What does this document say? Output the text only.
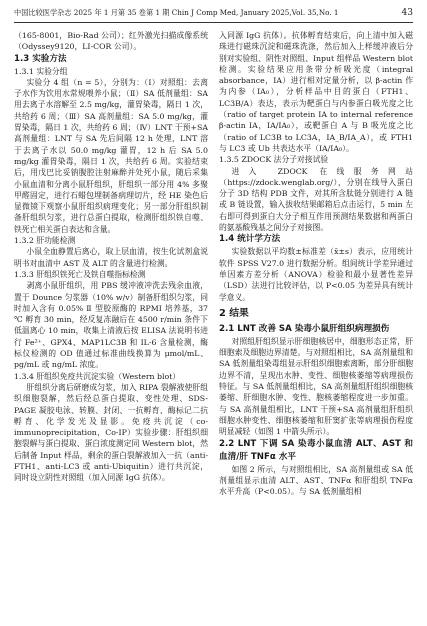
中国比较医学杂志 2025 年 1 月第 35 卷第 1 期 Chin J Comp Med, January 2025,Vol. 35,No. 1	43

（165-8001，Bio-Rad 公司）；红外激光扫描成像系统（Odyssey9120，LI-COR 公司）。

1.3 实验方法
1.3.1 实验分组

实验分 4 组（n = 5），分别为：（Ⅰ）对照组：去离子水作为饮用水常规喂养小鼠；（Ⅱ）SA 低剂量组：SA 用去离子水溶解至 2.5 mg/kg，灌胃染毒，隔日 1 次，共给药 6 周；（Ⅲ）SA 高剂量组：SA 5.0 mg/kg，灌胃染毒，隔日 1 次，共给药 6 周；（Ⅳ）LNT 干预+SA 高剂量组：LNT 与 SA 先后间隔 12 h 处理，LNT 溶于去离子水以 50.0 mg/kg 灌胃，12 h 后 SA 5.0 mg/kg 灌胃染毒，隔日 1 次，共给药 6 周。实验结束后，用戊巴比妥钠腹腔注射麻醉并处死小鼠，随后采集小鼠血清和分离小鼠肝组织，肝组织一部分用 4% 多聚甲醛固定，进行石蜡包埋制备病理切片，经 HE 染色后显微镜下观察小鼠肝组织病理变化；另一部分肝组织制备肝组织匀浆，进行总蛋白提取，检测肝组织铁自噬、铁死亡相关蛋白表达和含量。

1.3.2 肝功能检测

小鼠全血静置后离心，取上层血清，按生化试剂盒说明书对血清中 AST 及 ALT 的含量进行检测。

1.3.3 肝组织铁死亡及铁自噬指标检测

剥离小鼠肝组织，用 PBS 缓冲液冲洗去残余血液，置于 Dounce 匀浆器（10% w/v）制备肝组织匀浆，同时加入含有 0.05% Ⅱ 型胶原酶的 RPMI 培养基，37 ℃ 孵育 30 min，经反复冻融后在 4500 r/min 条件下低温离心 10 min，收集上清液后按 ELISA 法说明书进行 Fe²⁺、GPX4、MAP1LC3B 和 IL-6 含量检测，酶标仪检测的 OD 值通过标准曲线换算为 μmol/mL、pg/mL 或 ng/mL 浓度。

1.3.4 肝组织免疫共沉淀实验（Western blot）

肝组织分离后研磨成匀浆，加入 RIPA 裂解液使肝组织细胞裂解，然后经总蛋白提取、变性处理、SDS-PAGE 凝胶电泳、转膜、封闭、一抗孵育、酶标记二抗孵育、化学发光及显影。免疫共沉淀（co-immunoprecipitation，Co-IP）实验步骤：肝组织细胞裂解与蛋白提取、蛋白浓度测定同 Western blot，然后制备 Input 样品，剩余的蛋白裂解液加入一抗（anti-FTH1、anti-LC3 或 anti-Ubiquitin）进行共沉淀，同时设立阴性对照组（加入同源 IgG 抗体）。

入同源 IgG 抗体）。抗体孵育结束后，向上清中加入磁珠进行磁珠沉淀和磁珠洗涤，然后加入上样缓冲液后分别对实验组、阴性对照组、Input 组样品 Western blot 检测。实验结果应用条带分析吸光度（integral absorbance，IA）进行相对定量分析，以 β-actin 作为内参（IA₀），分析样品中目的蛋白（FTH1、LC3B/A）表达，表示为靶蛋白与内参蛋白吸光度之比（ratio of target protein IA to internal reference β-actin IA，IA/IA₀），或靶蛋白 A 与 B 吸光度之比（ratio of LC3B to LC3A，IA_B/IA_A），或 FTH1 与 LC3 或 Ub 共表达水平（IA/IA₀）。

1.3.5 ZDOCK 法分子对接试验

进入 ZDOCK 在线服务网站（https://zdock.wenglab.org/），分别在线导入蛋白分子 3D 结构 PDB 文件，对其所含肽链分别进行 A 链或 B 链设置，输入拔收结果邮箱后点击运行，5 min 左右即可得到蛋白大分子相互作用预测结果数据和两蛋白的氨基酸残基之间分子对接图。

1.4 统计学方法

实验数据以平均数±标准差（x̄±s）表示，应用统计软件 SPSS V27.0 进行数据分析。组间统计学差异通过单因素方差分析（ANOVA）检验和最小显著性差异（LSD）法进行比较评估，以 P<0.05 为差异具有统计学意义。

2 结果
2.1 LNT 改善 SA 染毒小鼠肝组织病理损伤

对照组肝组织显示肝细胞核居中，细胞形态正常，肝细胞索及细胞边界清楚。与对照组相比，SA 高剂量组和 SA 低剂量组染毒组显示肝组织细胞索离断，部分肝细胞边界不清，呈现出水肿、变性、细胞核萎缩等病理损伤特征。与 SA 低剂量组相比，SA 高剂量组肝组织细胞核萎缩、肝细胞水肿、变性、胞核萎缩程度进一步加重。与 SA 高剂量组相比，LNT 干预+SA 高剂量组肝组织细胞水肿变性、细胞核萎缩和肝窦扩张等病理损伤程度明显减轻（如图 1 中箭头所示）。

2.2 LNT 下调 SA 染毒小鼠血清 ALT、AST 和血清/肝 TNFα 水平

如图 2 所示，与对照组相比，SA 高剂量组或 SA 低剂量组显示血清 ALT、AST、TNFα 和肝组织 TNFα 水平升高（P<0.05）。与 SA 低剂量组相
